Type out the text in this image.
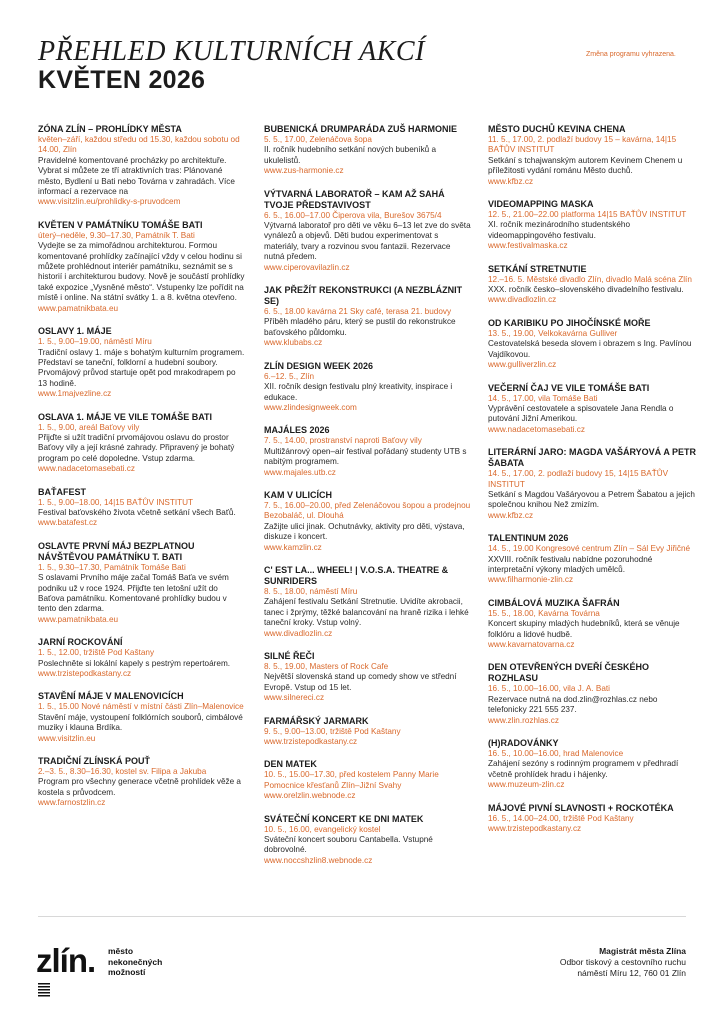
PŘEHLED KULTURNÍCH AKCÍ
KVĚTEN 2026
Změna programu vyhrazena.
ZÓNA ZLÍN – PROHLÍDKY MĚSTA
květen–září, každou středu od 15.30, každou sobotu od 14.00, Zlín
Pravidelné komentované procházky po architektuře. Vybrat si můžete ze tří atraktivních tras: Plánované město, Bydlení u Bati nebo Továrna v zahradách. Více informací a rezervace na
www.visitzlin.eu/prohlidky-s-pruvodcem
KVĚTEN V PAMÁTNÍKU TOMÁŠE BATI
úterý–neděle, 9.30–17.30, Památník T. Bati
Vydejte se za mimořádnou architekturou. Formou komentované prohlídky začínající vždy v celou hodinu si můžete prohlédnout interiér památníku, seznámit se s historií i architekturou budovy. Nově je součástí prohlídky také expozice „Vysněné město“. Vstupenky lze pořídit na místě i online. Na státní svátky 1. a 8. května otevřeno.
www.pamatnikbata.eu
OSLAVY 1. MÁJE
1. 5., 9.00–19.00, náměstí Míru
Tradiční oslavy 1. máje s bohatým kulturním programem. Představí se taneční, folklorní a hudební soubory. Prvomájový průvod startuje opět pod mrakodrapem po 13 hodině.
www.1majvezline.cz
OSLAVA 1. MÁJE VE VILE TOMÁŠE BATI
1. 5., 9.00, areál Baťovy vily
Přijďte si užít tradiční prvomájovou oslavu do prostor Baťovy vily a její krásné zahrady. Připravený je bohatý program po celé dopoledne. Vstup zdarma.
www.nadacetomasebati.cz
BAŤAFEST
1. 5., 9.00–18.00, 14|15 BAŤŮV INSTITUT
Festival baťovského života včetně setkání všech Baťů.
www.batafest.cz
OSLAVTE PRVNÍ MÁJ BEZPLATNOU NÁVŠTĚVOU PAMÁTNÍKU T. BATI
1. 5., 9.30–17.30, Památník Tomáše Bati
S oslavami Prvního máje začal Tomáš Baťa ve svém podniku už v roce 1924. Přijďte ten letošní užít do Baťova památníku. Komentované prohlídky budou v tento den zdarma.
www.pamatnikbata.eu
JARNÍ ROCKOVÁNÍ
1. 5., 12.00, tržiště Pod Kaštany
Poslechněte si lokální kapely s pestrým repertoárem.
www.trzistepodkastany.cz
STAVĚNÍ MÁJE V MALENOVICÍCH
1. 5., 15.00 Nové náměstí v místní části Zlín–Malenovice
Stavění máje, vystoupení folklórních souborů, cimbálové muziky i klauna Brdíka.
www.visitzlin.eu
TRADIČNÍ ZLÍNSKÁ POUŤ
2.–3. 5., 8.30–16.30, kostel sv. Filipa a Jakuba
Program pro všechny generace včetně prohlídek věže a kostela s průvodcem.
www.farnostzlin.cz
BUBENICKÁ DRUMPARÁDA ZUŠ HARMONIE
5. 5., 17.00, Zelenáčova šopa
II. ročník hudebního setkání nových bubeníků a ukulelistů.
www.zus-harmonie.cz
VÝTVARNÁ LABORATOŘ – KAM AŽ SAHÁ TVOJE PŘEDSTAVIVOST
6. 5., 16.00–17.00 Čiperova vila, Burešov 3675/4
Výtvarná laboratoř pro děti ve věku 6–13 let zve do světa vynálezů a objevů. Děti budou experimentovat s materiály, tvary a rozvinou svou fantazii. Rezervace nutná předem.
www.ciperovavilazlin.cz
JAK PŘEŽÍT REKONSTRUKCI (A NEZBLÁZNIT SE)
6. 5., 18.00 kavárna 21 Sky café, terasa 21. budovy
Příběh mladého páru, který se pustil do rekonstrukce baťovského půldomku.
www.klubabs.cz
ZLÍN DESIGN WEEK 2026
6.–12. 5., Zlín
XII. ročník design festivalu plný kreativity, inspirace i edukace.
www.zlindesignweek.com
MAJÁLES 2026
7. 5., 14.00, prostranství naproti Baťovy vily
Multižánrový open–air festival pořádaný studenty UTB s nabitým programem.
www.majales.utb.cz
KAM V ULICÍCH
7. 5., 16.00–20.00, před Zelenáčovou šopou a prodejnou Bezobaláč, ul. Dlouhá
Zažijte ulici jinak. Ochutnávky, aktivity pro děti, výstava, diskuze i koncert.
www.kamzlin.cz
C' EST LA... WHEEL! | V.O.S.A. THEATRE & SUNRIDERS
8. 5., 18.00, náměstí Míru
Zahájení festivalu Setkání Stretnutie. Uvidíte akrobacii, tanec i žprýmy, těžké balancování na hraně rizika i lehké taneční kroky. Vstup volný.
www.divadlozlin.cz
SILNÉ ŘEČI
8. 5., 19.00, Masters of Rock Cafe
Největší slovenská stand up comedy show ve střední Evropě. Vstup od 15 let.
www.silnereci.cz
FARMÁŘSKÝ JARMARK
9. 5., 9.00–13.00, tržiště Pod Kaštany
www.trzistepodkastany.cz
DEN MATEK
10. 5., 15.00–17.30, před kostelem Panny Marie Pomocnice křesťanů Zlín–Jižní Svahy
www.orelzlin.webnode.cz
SVÁTEČNÍ KONCERT KE DNI MATEK
10. 5., 16.00, evangelický kostel
Sváteční koncert souboru Cantabella. Vstupné dobrovolné.
www.noccshzlin8.webnode.cz
MĚSTO DUCHŮ KEVINA CHENA
11. 5., 17.00, 2. podlaží budovy 15 – kavárna, 14|15 BAŤŮV INSTITUT
Setkání s tchajwanským autorem Kevinem Chenem u příležitosti vydání románu Město duchů.
www.kfbz.cz
VIDEOMAPPING MASKA
12. 5., 21.00–22.00 platforma 14|15 BAŤŮV INSTITUT
XI. ročník mezinárodního studentského videomappingového festivalu.
www.festivalmaska.cz
SETKÁNÍ STRETNUTIE
12.–16. 5. Městské divadlo Zlín, divadlo Malá scéna Zlín
XXX. ročník česko–slovenského divadelního festivalu.
www.divadlozlin.cz
OD KARIBIKU PO JIHOČÍNSKÉ MOŘE
13. 5., 19.00, Velkokavárna Gulliver
Cestovatelská beseda slovem i obrazem s Ing. Pavlínou Vajdíkovou.
www.gulliverzlin.cz
VEČERNÍ ČAJ VE VILE TOMÁŠE BATI
14. 5., 17.00, vila Tomáše Bati
Vyprávění cestovatele a spisovatele Jana Rendla o putování Jižní Amerikou.
www.nadacetomasebati.cz
LITERÁRNÍ JARO: MAGDA VAŠÁRYOVÁ A PETR ŠABATA
14. 5., 17.00, 2. podlaží budovy 15, 14|15 BAŤŮV INSTITUT
Setkání s Magdou Vašáryovou a Petrem Šabatou a jejich společnou knihou Než zmizím.
www.kfbz.cz
TALENTINUM 2026
14. 5., 19.00 Kongresové centrum Zlín – Sál Evy Jiřičné
XXVIII. ročník festivalu nabídne pozoruhodné interpretační výkony mladých umělců.
www.filharmonie-zlin.cz
CIMBÁLOVÁ MUZIKA ŠAFRÁN
15. 5., 18.00, Kavárna Továrna
Koncert skupiny mladých hudebníků, která se věnuje folklóru a lidové hudbě.
www.kavarnatovarna.cz
DEN OTEVŘENÝCH DVEŘÍ ČESKÉHO ROZHLASU
16. 5., 10.00–16.00, vila J. A. Bati
Rezervace nutná na dod.zlin@rozhlas.cz nebo telefonicky 221 555 237.
www.zlin.rozhlas.cz
(H)RADOVÁNKY
16. 5., 10.00–16.00, hrad Malenovice
Zahájení sezóny s rodinným programem v předhradí včetně prohlídek hradu i hájenky.
www.muzeum-zlin.cz
MÁJOVÉ PIVNÍ SLAVNOSTI + ROCKOTÉKA
16. 5., 14.00–24.00, tržiště Pod Kaštany
www.trzistepodkastany.cz
zlín. město
nekonečných
možností
Magistrát města Zlína
Odbor tiskový a cestovního ruchu
náměstí Míru 12, 760 01 Zlín
